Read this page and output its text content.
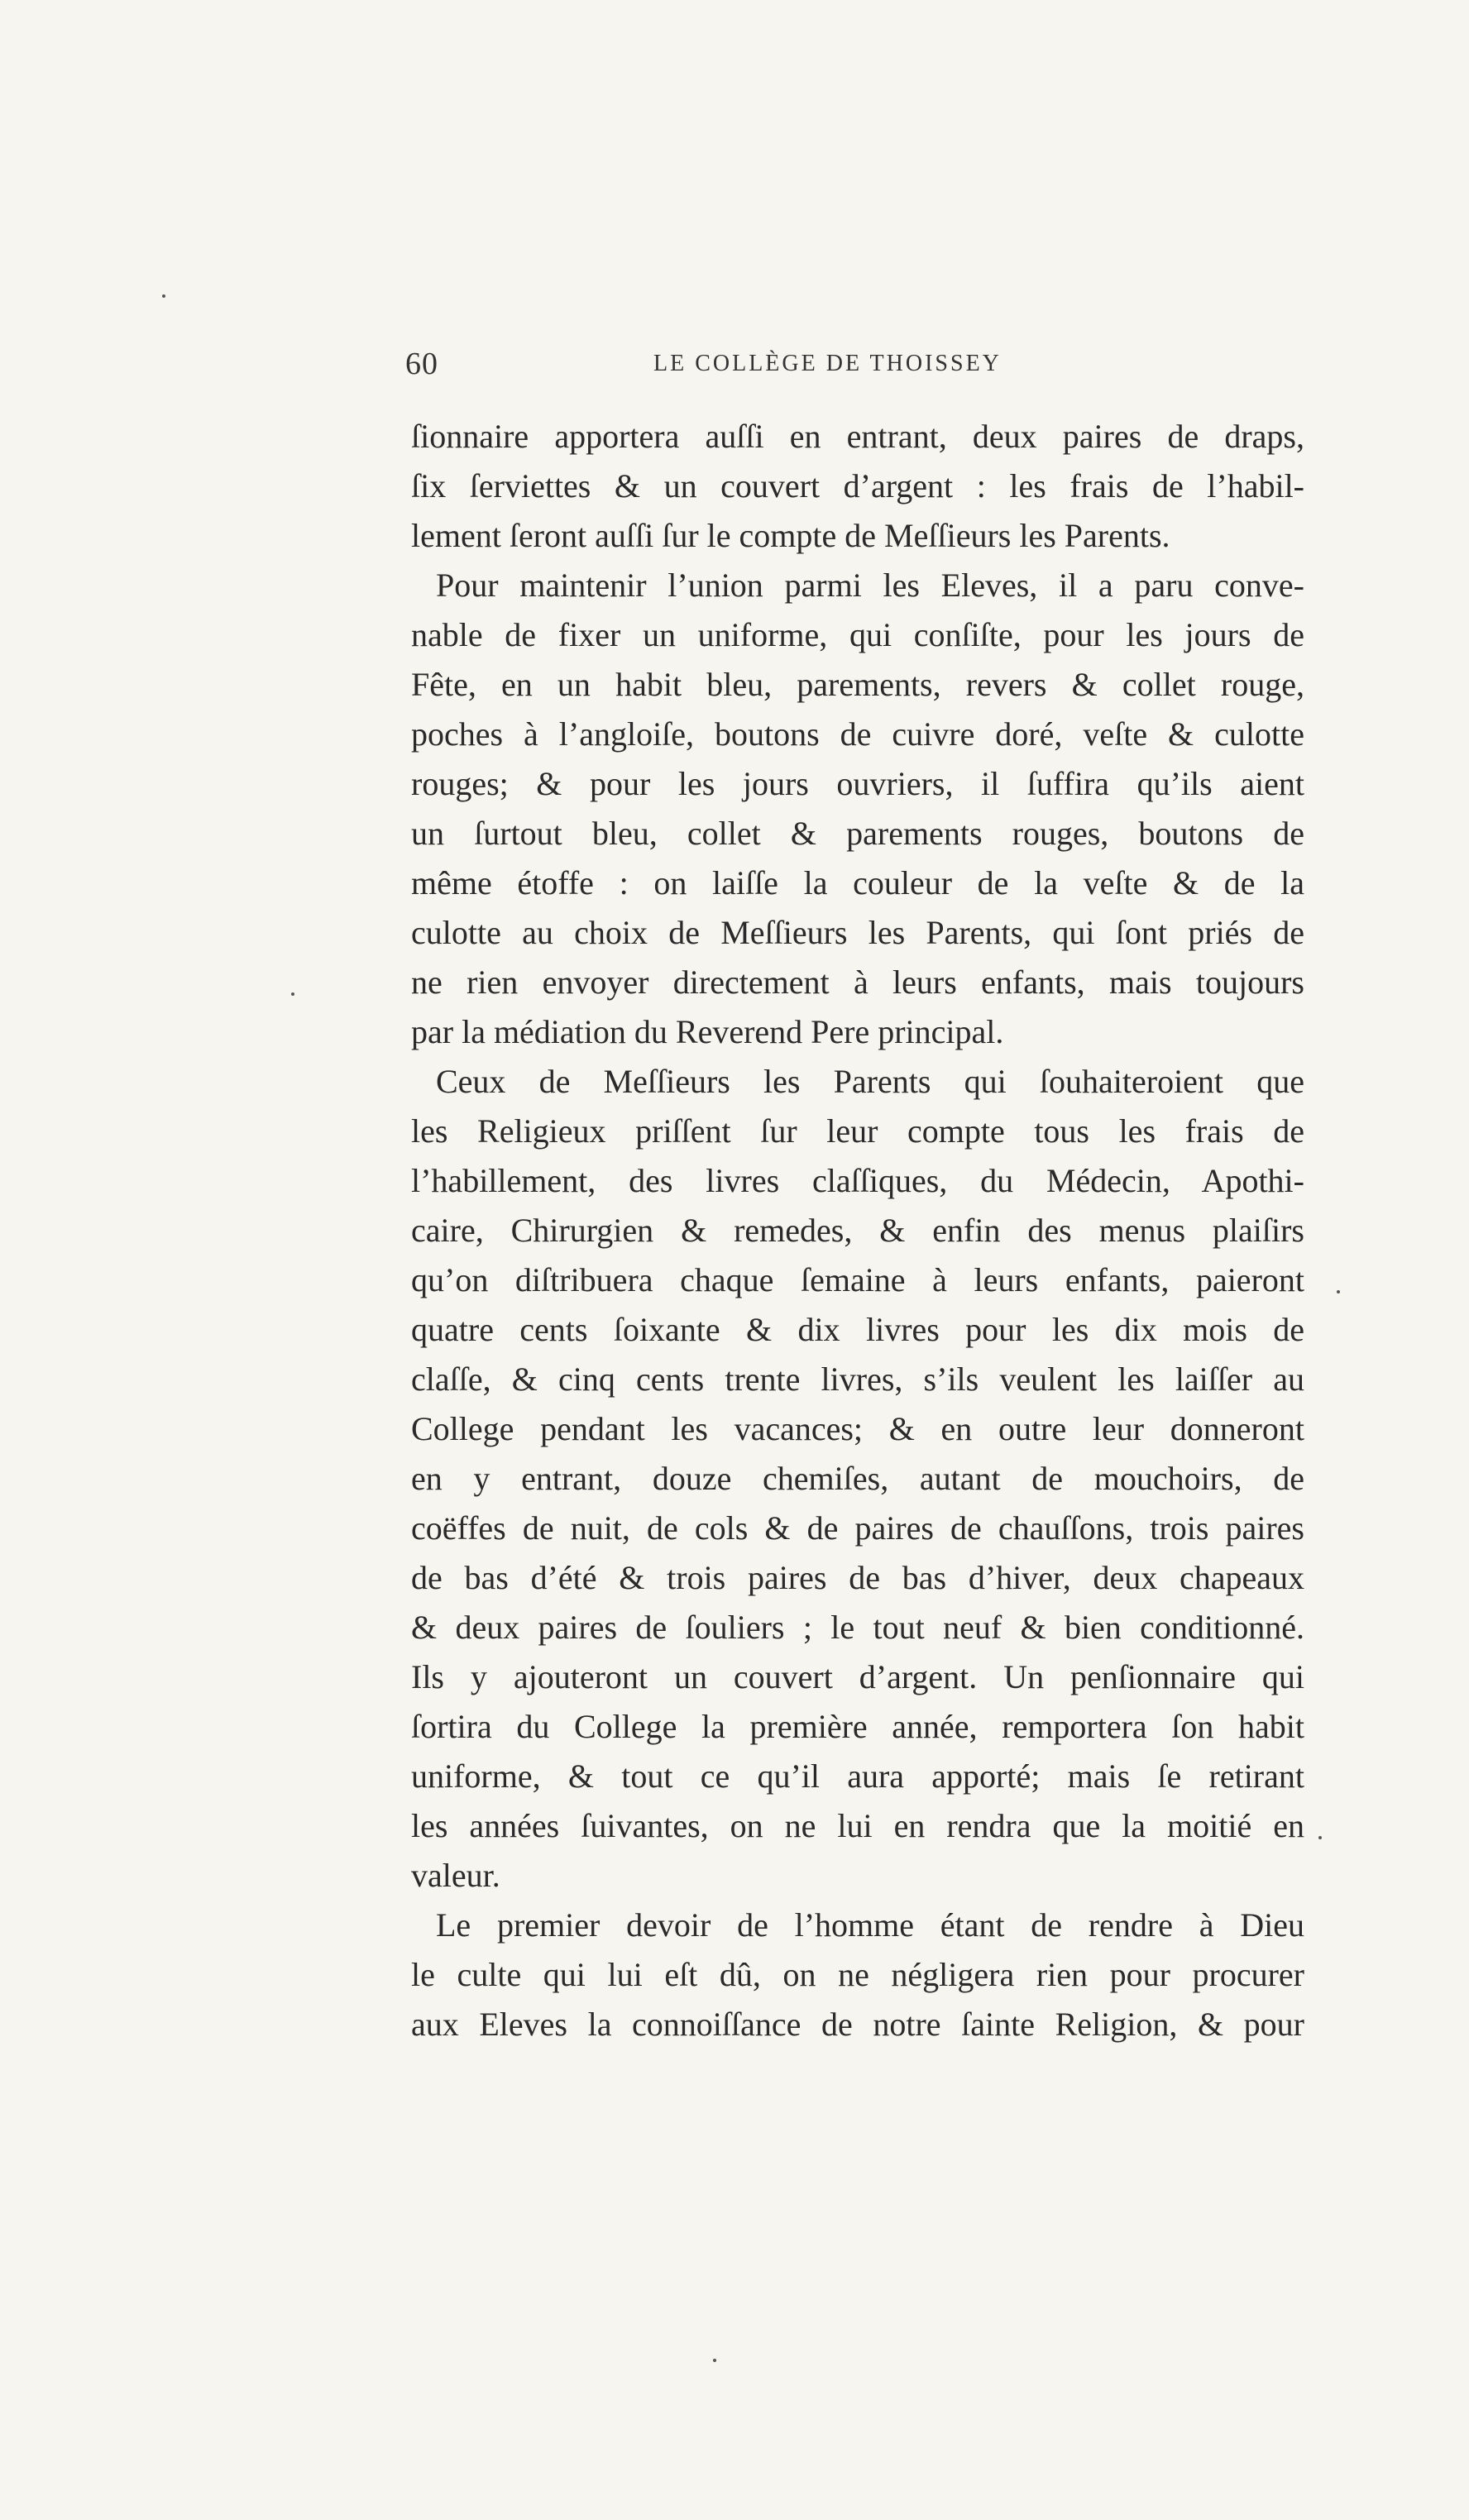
60	LE COLLÈGE DE THOISSEY
ſionnaire apportera auſſi en entrant, deux paires de draps,
ſix ſerviettes & un couvert d’argent : les frais de l’habil-
lement ſeront auſſi ſur le compte de Meſſieurs les Parents.
Pour maintenir l’union parmi les Eleves, il a paru conve-
nable de fixer un uniforme, qui conſiſte, pour les jours de
Fête, en un habit bleu, parements, revers & collet rouge,
poches à l’angloiſe, boutons de cuivre doré, veſte & culotte
rouges; & pour les jours ouvriers, il ſuffira qu’ils aient
un ſurtout bleu, collet & parements rouges, boutons de
même étoffe : on laiſſe la couleur de la veſte & de la
culotte au choix de Meſſieurs les Parents, qui ſont priés de
ne rien envoyer directement à leurs enfants, mais toujours
par la médiation du Reverend Pere principal.
Ceux de Meſſieurs les Parents qui ſouhaiteroient que
les Religieux priſſent ſur leur compte tous les frais de
l’habillement, des livres claſſiques, du Médecin, Apothi-
caire, Chirurgien & remedes, & enfin des menus plaiſirs
qu’on diſtribuera chaque ſemaine à leurs enfants, paieront
quatre cents ſoixante & dix livres pour les dix mois de
claſſe, & cinq cents trente livres, s’ils veulent les laiſſer au
College pendant les vacances; & en outre leur donneront
en y entrant, douze chemiſes, autant de mouchoirs, de
coëffes de nuit, de cols & de paires de chauſſons, trois paires
de bas d’été & trois paires de bas d’hiver, deux chapeaux
& deux paires de ſouliers ; le tout neuf & bien conditionné.
Ils y ajouteront un couvert d’argent. Un penſionnaire qui
ſortira du College la première année, remportera ſon habit
uniforme, & tout ce qu’il aura apporté; mais ſe retirant
les années ſuivantes, on ne lui en rendra que la moitié en
valeur.
Le premier devoir de l’homme étant de rendre à Dieu
le culte qui lui eſt dû, on ne négligera rien pour procurer
aux Eleves la connoiſſance de notre ſainte Religion, & pour
